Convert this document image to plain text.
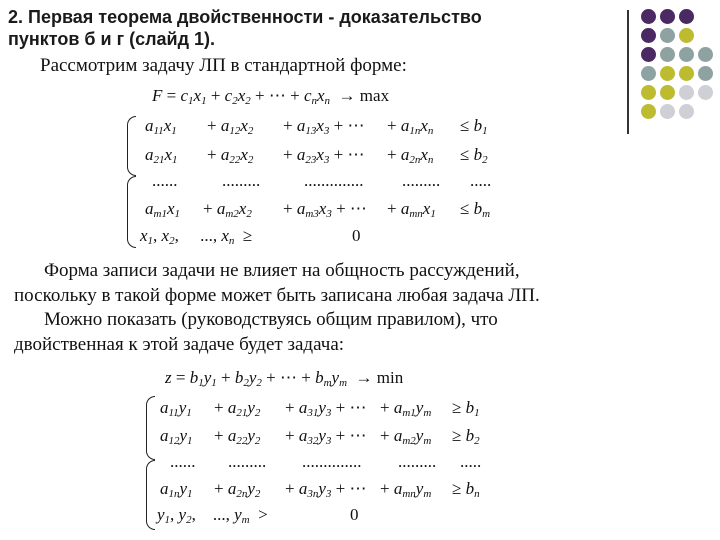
2. Первая теорема двойственности - доказательство
пунктов б и г (слайд 1).
Рассмотрим задачу ЛП в стандартной форме:
$F = c_1x_1 + c_2x_2$ + ⋯ + $c_nx_n \to \max$
$a_{11}x_1 + a_{12}x_2 + a_{13}x_3$ + ⋯ + $a_{1n}x_n \le b_1$
$a_{21}x_1 + a_{22}x_2 + a_{23}x_3$ + ⋯ + $a_{2n}x_n \le b_2$
......	.........	.............. ......... .....
$a_{m1}x_1 + a_{m2}x_2 + a_{m3}x_3$ + ⋯ + $a_{mn}x_1 \le b_m$
$x_1$, $x_2$,     ..., $x_n$  ≥	0
Форма записи задачи не влияет на общность рассуждений, поскольку в такой форме может быть записана любая задача ЛП.
Можно показать (руководствуясь общим правилом), что двойственная к этой задаче будет задача:
$z = b_1y_1 + b_2y_2$ + ⋯ + $b_my_m \to \min$
$a_{11}y_1 + a_{21}y_2 + a_{31}y_3$ + ⋯ + $a_{m1}y_m \ge b_1$
$a_{12}y_1 + a_{22}y_2 + a_{32}y_3$ + ⋯ + $a_{m2}y_m \ge b_2$
...... ......... .............. ......... .....
$a_{1n}y_1 + a_{2n}y_2 + a_{3n}y_3$ + ⋯ + $a_{mn}y_m \ge b_n$
$y_1$, $y_2$,    ..., $y_m$  >	0
